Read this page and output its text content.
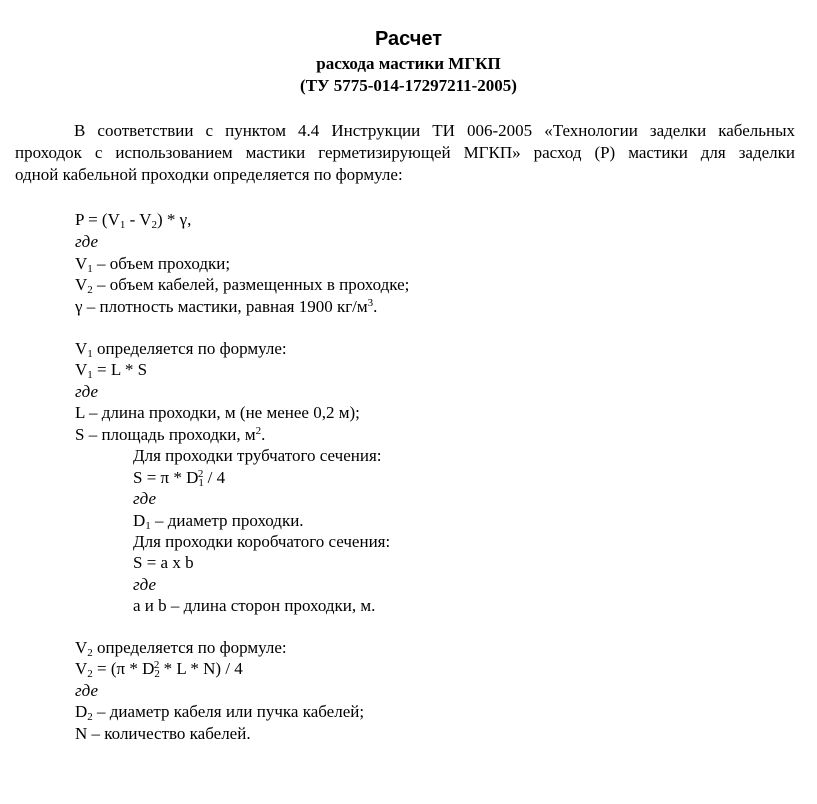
Расчет
расхода мастики МГКП
(ТУ 5775-014-17297211-2005)
В соответствии с пунктом 4.4 Инструкции ТИ 006-2005 «Технологии заделки кабельных
проходок с использованием мастики герметизирующей МГКП» расход (Р) мастики для заделки
одной кабельной проходки определяется по формуле:
$P = (V_1 - V_2) * \gamma$,
где
$V_1$ – объем проходки;
$V_2$ – объем кабелей, размещенных в проходке;
γ – плотность мастики, равная 1900 $кг/м^3$.
$V_1$ определяется по формуле:
$V_1 = L * S$
где
L – длина проходки, м (не менее 0,2 м);
S – площадь проходки, $м^2$.
Для проходки трубчатого сечения:
$S = \pi * D_1^2 / 4$
где
$D_1$ – диаметр проходки.
Для проходки коробчатого сечения:
S = a x b
где
a и b – длина сторон проходки, м.
$V_2$ определяется по формуле:
$V_2 = (\pi * D_2^2 * L * N) / 4$
где
$D_2$ – диаметр кабеля или пучка кабелей;
N – количество кабелей.
